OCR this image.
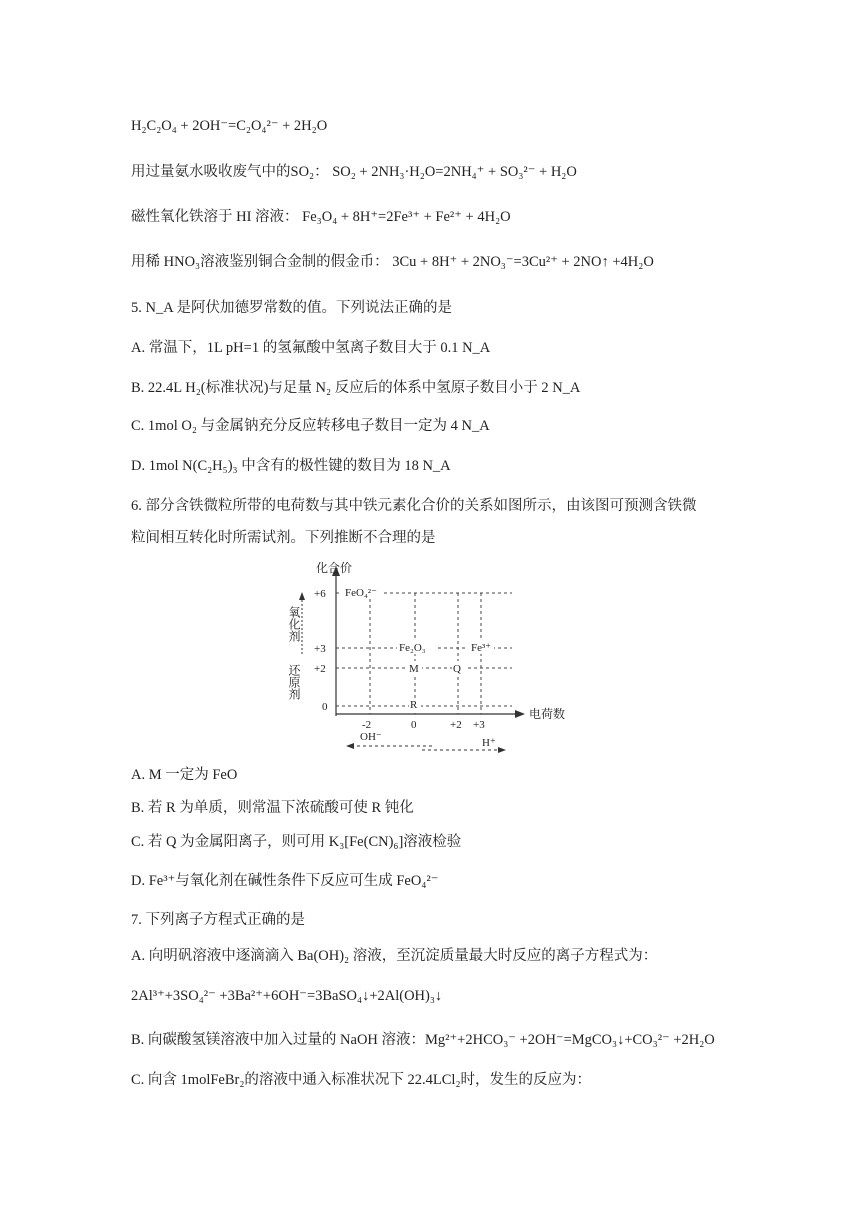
H₂C₂O₄ + 2OH⁻=C₂O₄²⁻ + 2H₂O
用过量氨水吸收废气中的SO₂： SO₂ + 2NH₃·H₂O=2NH₄⁺ + SO₃²⁻ + H₂O
磁性氧化铁溶于 HI 溶液： Fe₃O₄ + 8H⁺=2Fe³⁺ + Fe²⁺ + 4H₂O
用稀 HNO₃溶液鉴别铜合金制的假金币： 3Cu + 8H⁺ + 2NO₃⁻=3Cu²⁺ + 2NO↑ +4H₂O
5. N_A 是阿伏加德罗常数的值。下列说法正确的是
A. 常温下，1L pH=1 的氢氟酸中氢离子数目大于 0.1 N_A
B. 22.4L H₂(标准状况)与足量 N₂ 反应后的体系中氢原子数目小于 2 N_A
C. 1mol O₂ 与金属钠充分反应转移电子数目一定为 4 N_A
D. 1mol N(C₂H₅)₃ 中含有的极性键的数目为 18 N_A
6. 部分含铁微粒所带的电荷数与其中铁元素化合价的关系如图所示，由该图可预测含铁微
粒间相互转化时所需试剂。下列推断不合理的是
化合价
电荷数
氧化剂
还原剂
+6
+3
+2
0
FeO₄²⁻
Fe₂O₃
M
Fe³⁺
Q
R
-2	0	+2 +3
OH⁻	H⁺
A. M 一定为 FeO
B. 若 R 为单质，则常温下浓硫酸可使 R 钝化
C. 若 Q 为金属阳离子，则可用 K₃[Fe(CN)₆]溶液检验
D. Fe³⁺与氧化剂在碱性条件下反应可生成 FeO₄²⁻
7. 下列离子方程式正确的是
A. 向明矾溶液中逐滴滴入 Ba(OH)₂ 溶液，至沉淀质量最大时反应的离子方程式为：
2Al³⁺+3SO₄²⁻ +3Ba²⁺+6OH⁻=3BaSO₄↓+2Al(OH)₃↓
B. 向碳酸氢镁溶液中加入过量的 NaOH 溶液：Mg²⁺+2HCO₃⁻ +2OH⁻=MgCO₃↓+CO₃²⁻ +2H₂O
C. 向含 1molFeBr₂的溶液中通入标准状况下 22.4LCl₂时，发生的反应为：
